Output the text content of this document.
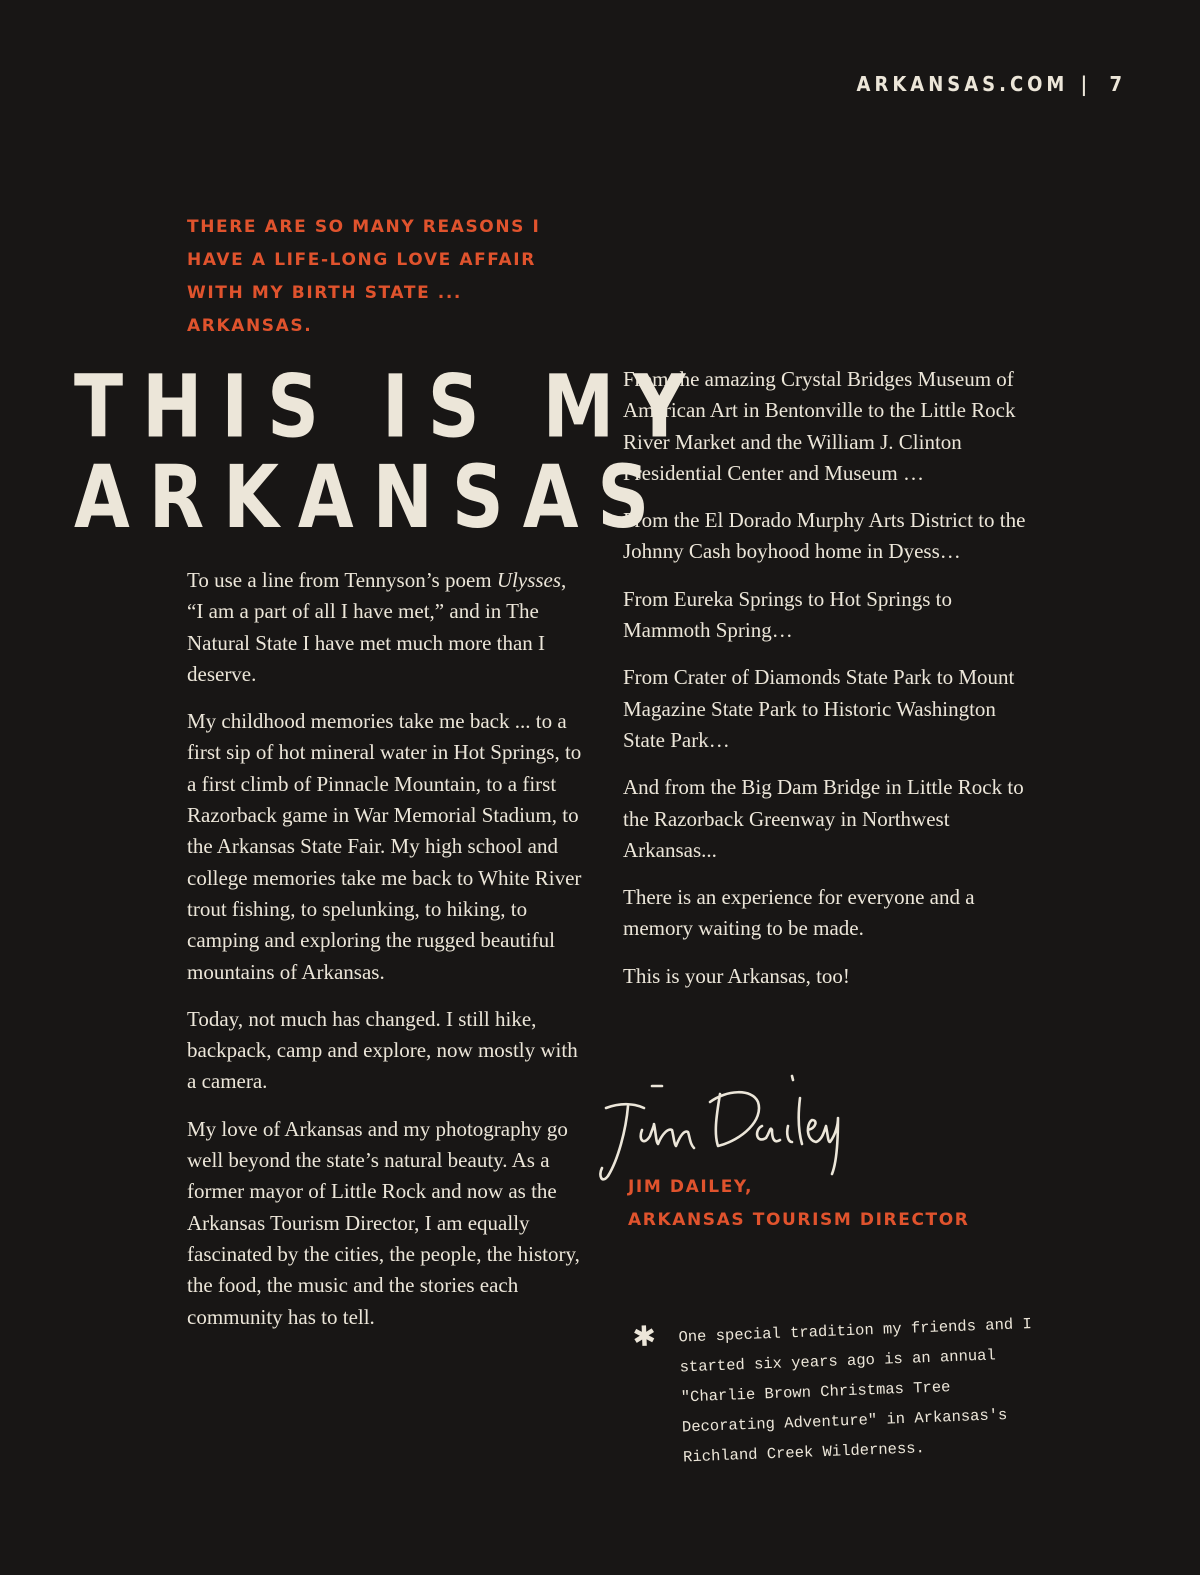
ARKANSAS.COM | 7
THERE ARE SO MANY REASONS I HAVE A LIFE-LONG LOVE AFFAIR WITH MY BIRTH STATE ... ARKANSAS.
THIS IS MY
ARKANSAS

To use a line from Tennyson’s poem Ulysses, “I am a part of all I have met,” and in The Natural State I have met much more than I deserve.

My childhood memories take me back ... to a first sip of hot mineral water in Hot Springs, to a first climb of Pinnacle Mountain, to a first Razorback game in War Memorial Stadium, to the Arkansas State Fair. My high school and college memories take me back to White River trout fishing, to spelunking, to hiking, to camping and exploring the rugged beautiful mountains of Arkansas.

Today, not much has changed. I still hike, backpack, camp and explore, now mostly with a camera.

My love of Arkansas and my photography go well beyond the state’s natural beauty. As a former mayor of Little Rock and now as the Arkansas Tourism Director, I am equally fascinated by the cities, the people, the history, the food, the music and the stories each community has to tell.

From the amazing Crystal Bridges Museum of American Art in Bentonville to the Little Rock River Market and the William J. Clinton Presidential Center and Museum …

From the El Dorado Murphy Arts District to the Johnny Cash boyhood home in Dyess…

From Eureka Springs to Hot Springs to Mammoth Spring…

From Crater of Diamonds State Park to Mount Magazine State Park to Historic Washington State Park…

And from the Big Dam Bridge in Little Rock to the Razorback Greenway in Northwest Arkansas...

There is an experience for everyone and a memory waiting to be made.

This is your Arkansas, too!

JIM DAILEY,
ARKANSAS TOURISM DIRECTOR
✱ One special tradition my friends and I started six years ago is an annual "Charlie Brown Christmas Tree Decorating Adventure" in Arkansas's Richland Creek Wilderness.
